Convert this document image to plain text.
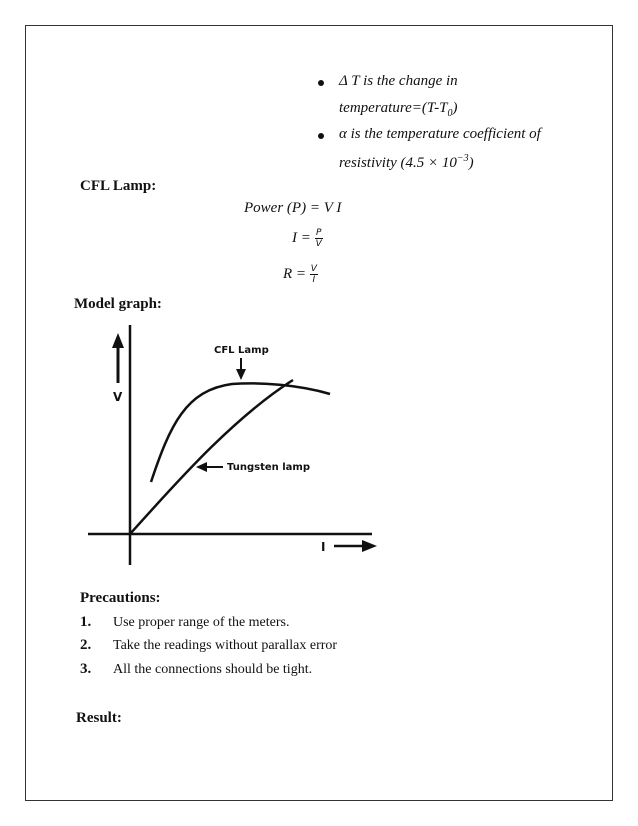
Δ T is the change in
$temperature=(T-T_0)$
α is the temperature coefficient of
resistivity $(4.5 \times 10^{-3})$
CFL Lamp:
Power (P) = V I
$I = \frac{P}{V}$
$R = \frac{V}{I}$
Model graph:
V
I
CFL Lamp
Tungsten lamp
Precautions:
1. Use proper range of the meters.
2. Take the readings without parallax error
3. All the connections should be tight.
Result:
